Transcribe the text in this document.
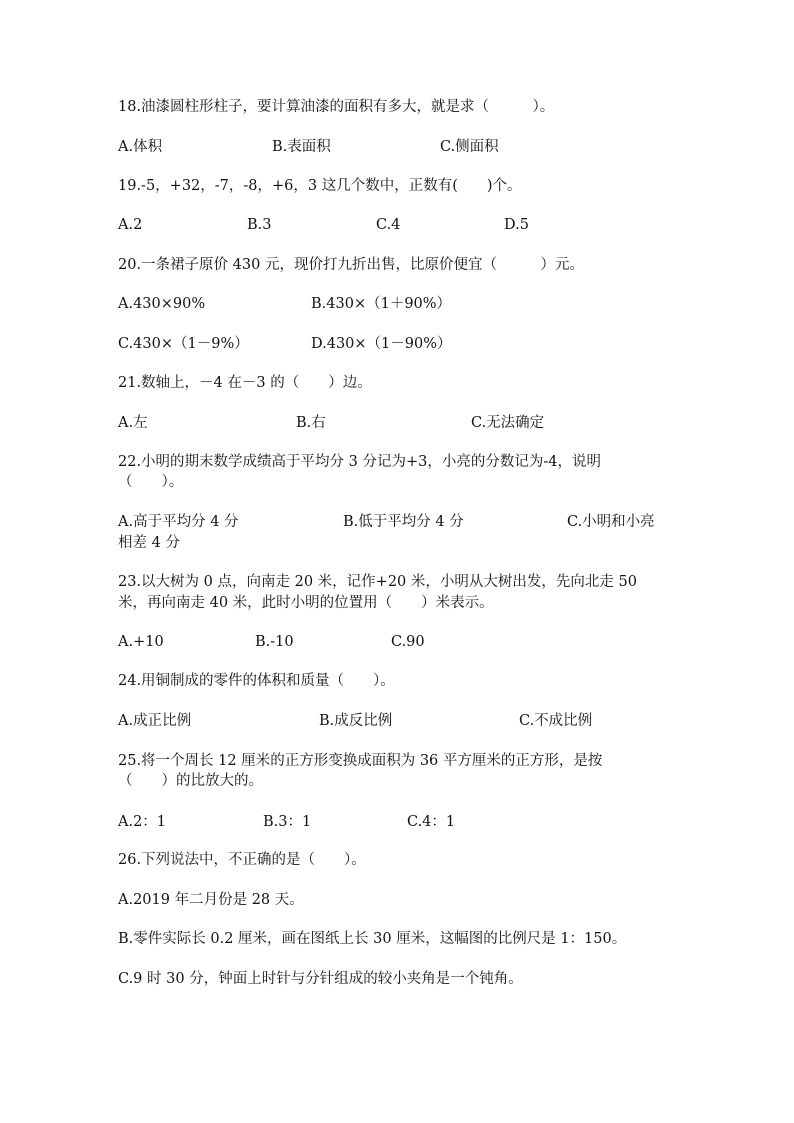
18.油漆圆柱形柱子，要计算油漆的面积有多大，就是求（　　　）。
A.体积	B.表面积	C.侧面积
19.-5，+32，-7，-8，+6，3 这几个数中，正数有(　　)个。
A.2	B.3	C.4	D.5
20.一条裙子原价 430 元，现价打九折出售，比原价便宜（　　　）元。
A.430×90%	B.430×（1＋90%）
C.430×（1－9%）	D.430×（1－90%）
21.数轴上，－4 在－3 的（　　）边。
A.左	B.右	C.无法确定
22.小明的期末数学成绩高于平均分 3 分记为+3，小亮的分数记为-4，说明
（　　）。
A.高于平均分 4 分	B.低于平均分 4 分	C.小明和小亮
相差 4 分
23.以大树为 0 点，向南走 20 米，记作+20 米，小明从大树出发，先向北走 50
米，再向南走 40 米，此时小明的位置用（　　）米表示。
A.+10	B.-10	C.90
24.用铜制成的零件的体积和质量（　　）。
A.成正比例	B.成反比例	C.不成比例
25.将一个周长 12 厘米的正方形变换成面积为 36 平方厘米的正方形，是按
（　　）的比放大的。
A.2：1	B.3：1	C.4：1
26.下列说法中，不正确的是（　　）。
A.2019 年二月份是 28 天。
B.零件实际长 0.2 厘米，画在图纸上长 30 厘米，这幅图的比例尺是 1：150。
C.9 时 30 分，钟面上时针与分针组成的较小夹角是一个钝角。
